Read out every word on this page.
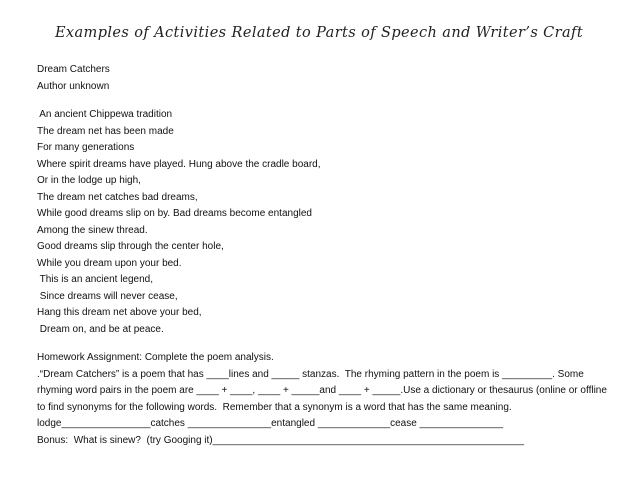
Examples of Activities Related to Parts of Speech and Writer’s Craft
Dream Catchers
Author unknown
An ancient Chippewa tradition
The dream net has been made
For many generations
Where spirit dreams have played. Hung above the cradle board,
Or in the lodge up high,
The dream net catches bad dreams,
While good dreams slip on by. Bad dreams become entangled
Among the sinew thread.
Good dreams slip through the center hole,
While you dream upon your bed.
This is an ancient legend,
Since dreams will never cease,
Hang this dream net above your bed,
Dream on, and be at peace.
Homework Assignment: Complete the poem analysis.
.“Dream Catchers” is a poem that has ____lines and _____ stanzas.  The rhyming pattern in the poem is _________. Some
rhyming word pairs in the poem are ____ + ____, ____ + _____and ____ + _____.Use a dictionary or thesaurus (online or offline
to find synonyms for the following words.  Remember that a synonym is a word that has the same meaning.
lodge________________catches _______________entangled _____________cease _______________
Bonus:  What is sinew?  (try Googing it)________________________________________________________
